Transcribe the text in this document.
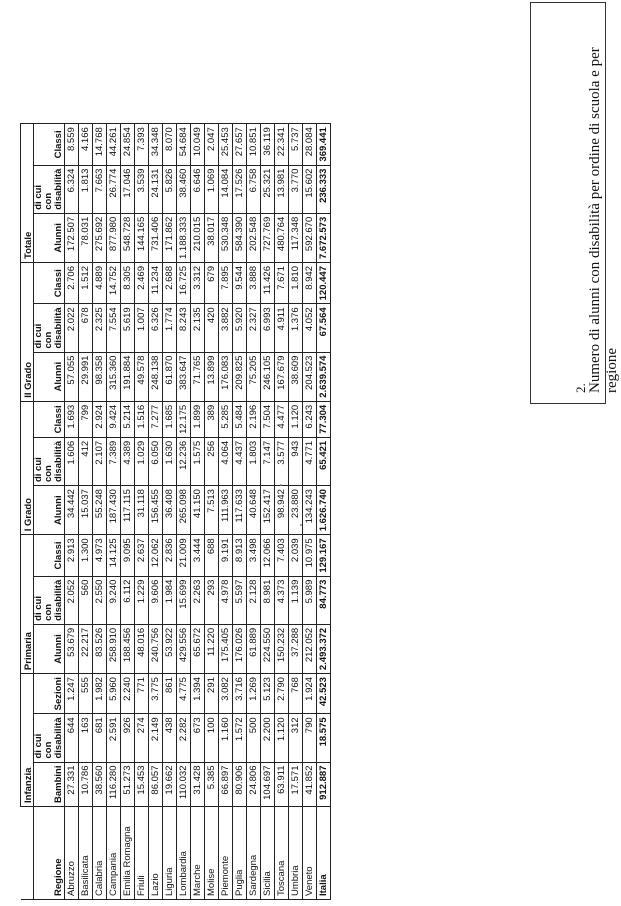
	Infanzia			Primaria			I Grado			II Grado			Totale		
Regione	Bambini	di cui con disabilità	Sezioni	Alunni	di cui con disabilità	Classi	Alunni	di cui con disabilità	Classi	Alunni	di cui con disabilità	Classi	Alunni	di cui con disabilità	Classi
Abruzzo	27.331	644	1.247	53.679	2.052	2.913	34.442	1.606	1.693	57.055	2.022	2.706	172.507	6.324	8.559
Basilicata	10.786	163	555	22.217	560	1.300	15.037	412	799	29.991	678	1.512	78.031	1.813	4.166
Calabria	38.560	681	1.982	83.526	2.550	4.973	55.248	2.107	2.924	98.358	2.325	4.889	275.692	7.663	14.768
Campania	116.280	2.591	5.960	258.910	9.240	14.125	187.430	7.389	9.424	315.360	7.554	14.752	877.980	26.774	44.261
Emilia Romagna	51.273	926	2.240	188.456	6.112	9.095	117.115	4.389	5.214	191.884	5.619	8.305	548.728	17.046	24.854
Friuli	15.453	274	771	48.016	1.229	2.637	31.118	1.029	1.516	49.578	1.007	2.469	144.165	3.539	7.393
Lazio	86.057	2.149	3.775	240.756	9.606	12.062	156.455	6.050	7.277	248.138	6.326	11.234	731.406	24.131	34.348
Liguria	19.662	438	861	53.922	1.984	2.836	36.408	1.630	1.685	61.870	1.774	2.688	171.862	5.826	8.070
Lombardia	110.032	2.282	4.775	429.556	15.699	21.009	265.098	12.236	12.175	383.647	8.243	16.725	1.188.333	38.460	54.684
Marche	31.428	673	1.394	65.672	2.263	3.444	41.150	1.575	1.899	71.765	2.135	3.312	210.015	6.646	10.049
Molise	5.385	100	291	11.220	293	688	7.513	256	389	13.899	420	679	38.017	1.069	2.047
Piemonte	66.897	1.160	3.082	175.405	4.978	9.191	111.963	4.064	5.285	176.083	3.882	7.895	530.348	14.084	25.453
Puglia	80.906	1.572	3.716	176.026	5.597	8.913	117.633	4.437	5.484	209.825	5.920	9.544	584.390	17.526	27.657
Sardegna	24.806	500	1.269	61.889	2.128	3.498	40.648	1.803	2.196	75.205	2.327	3.888	202.548	6.758	10.851
Sicilia	104.697	2.200	5.123	224.550	8.981	12.066	152.417	7.147	7.504	246.105	6.993	11.426	727.769	25.321	36.119
Toscana	63.911	1.120	2.790	150.232	4.373	7.403	98.942	3.577	4.477	167.679	4.911	7.671	480.764	13.981	22.341
Umbria	17.571	312	768	37.288	1.139	2.039	23.880	943	1.120	38.609	1.376	1.810	117.348	3.770	5.737
Veneto	41.852	790	1.924	212.052	5.989	10.975	134.243	4.771	6.243	204.523	4.052	8.942	592.670	15.602	28.084
Italia	912.887	18.575	42.523	2.493.372	84.773	129.167	1.626.740	65.421	77.304	2.639.574	67.564	120.447	7.672.573	236.333	369.441
2. Numero di alunni con disabilità per ordine di scuola e per regione
